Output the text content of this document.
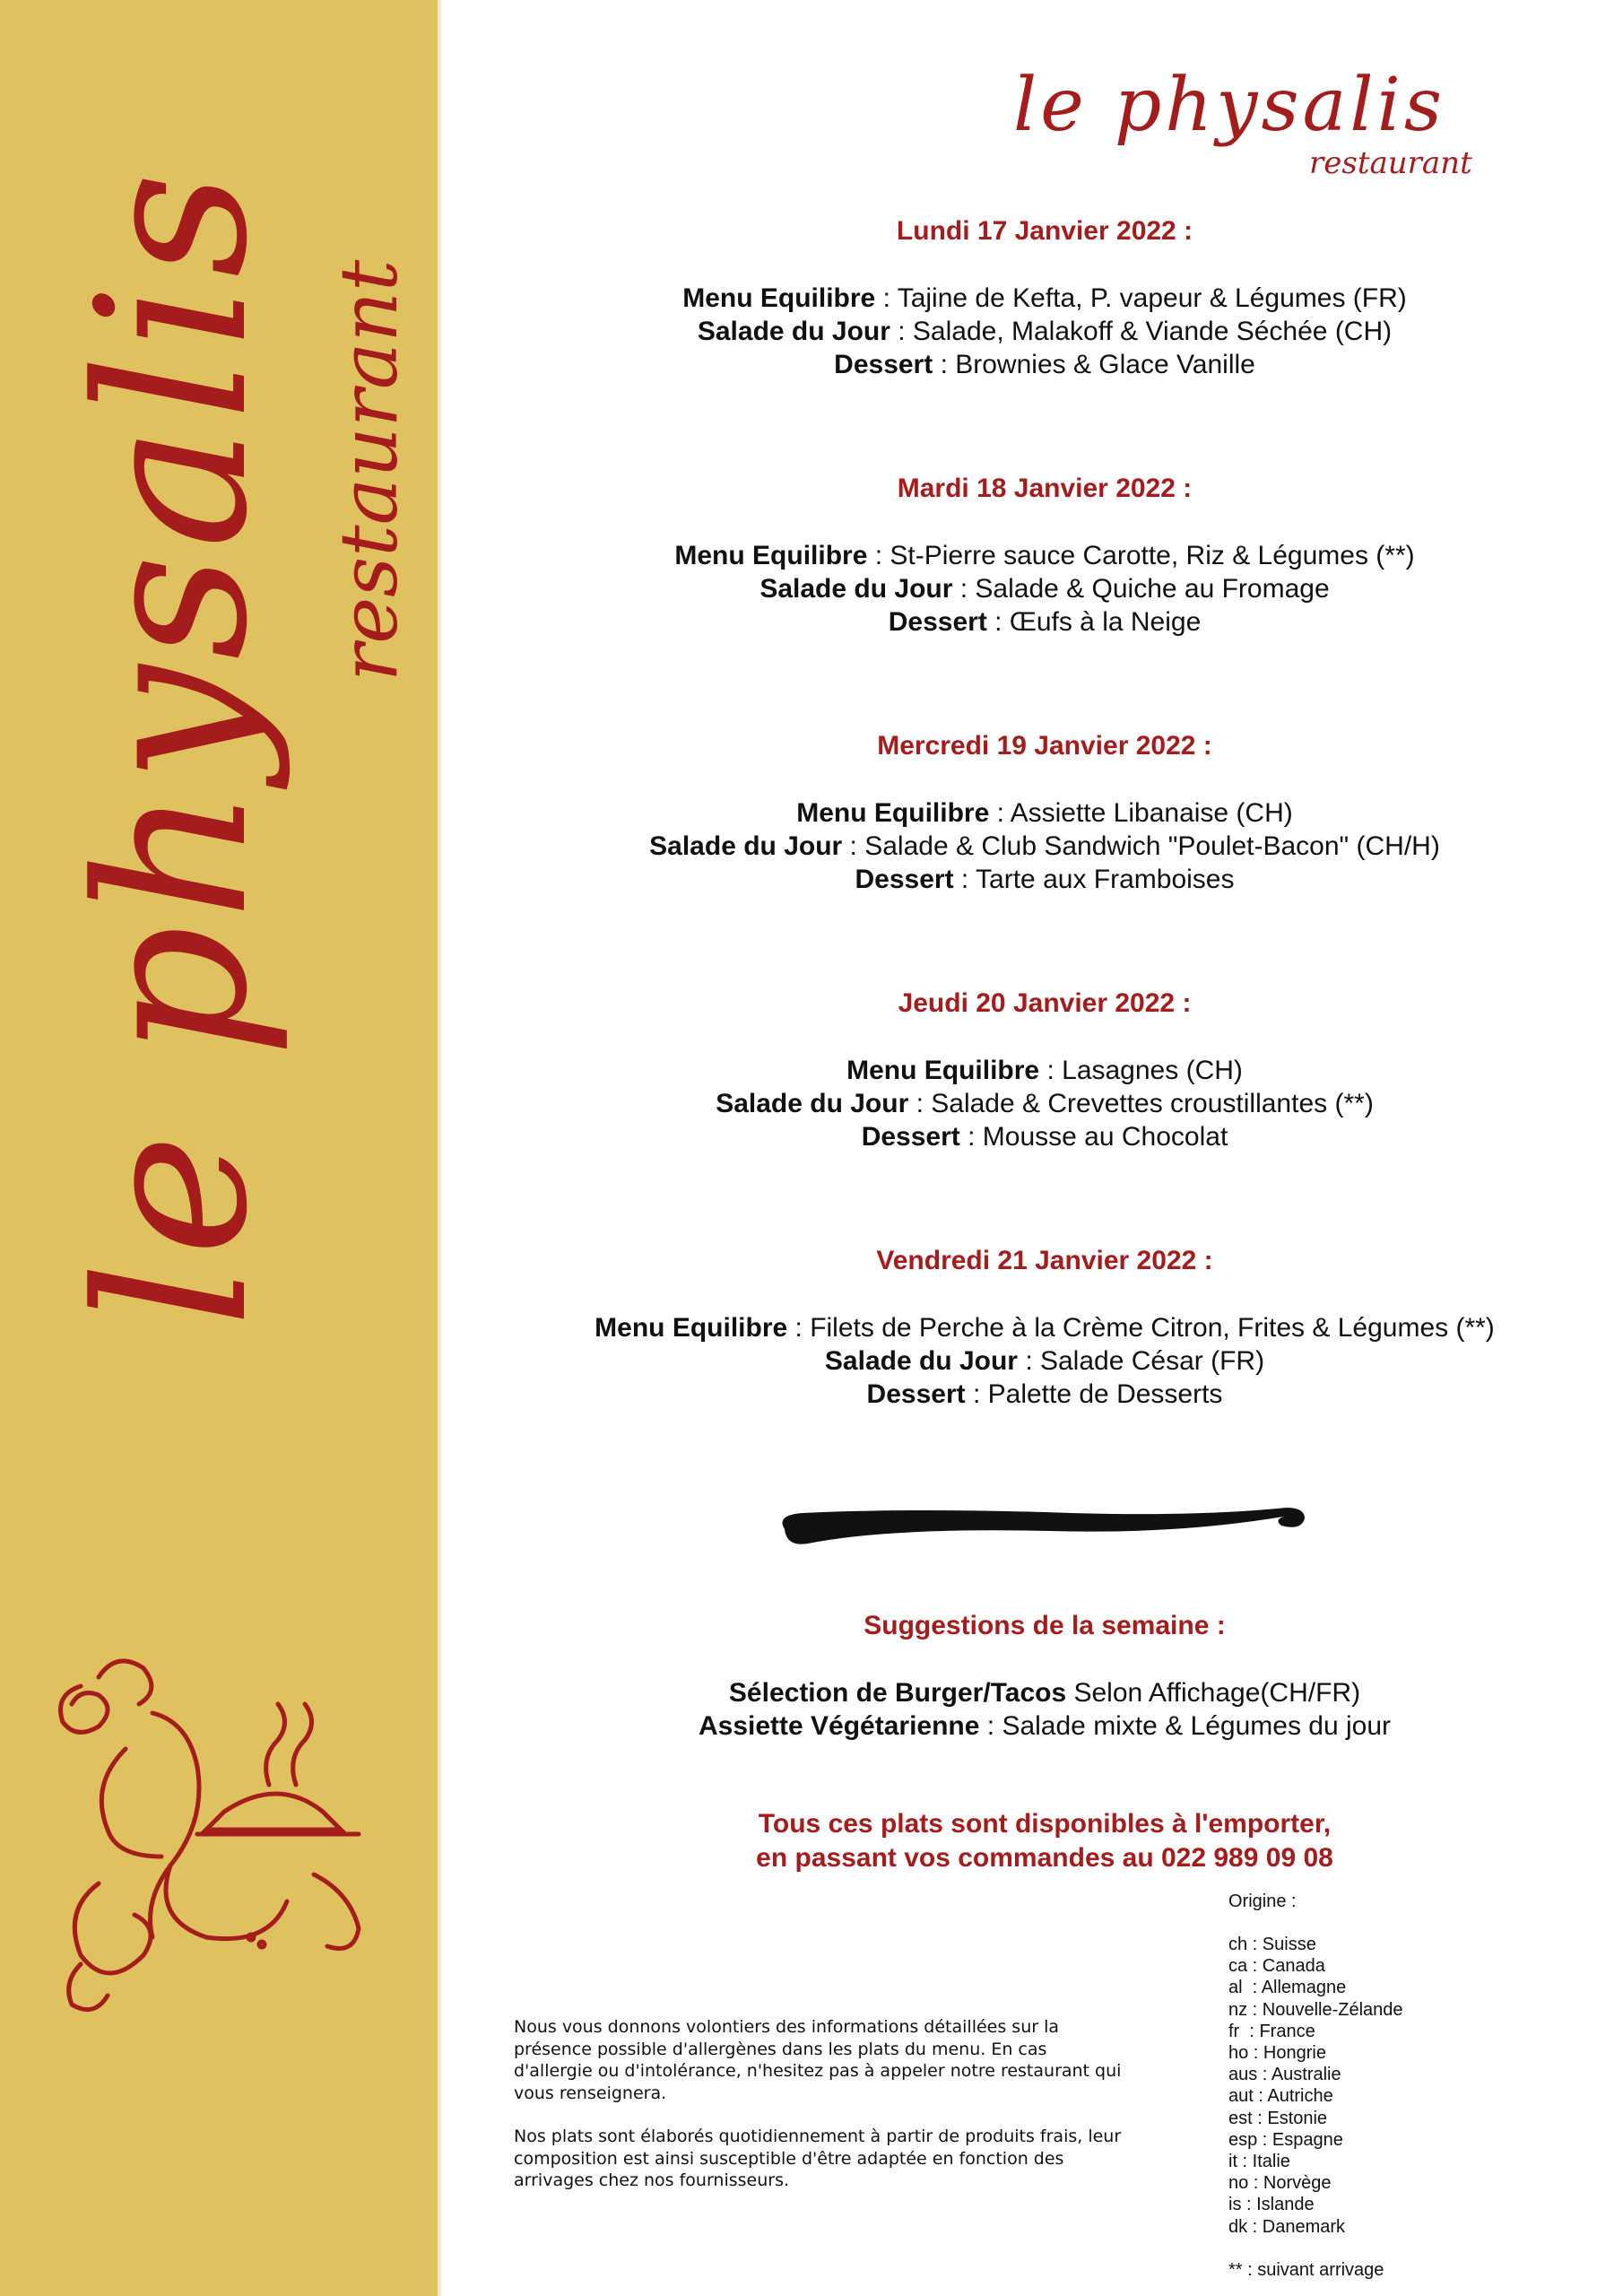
le physalis restaurant
le physalis
restaurant
Lundi 17 Janvier 2022 :
Menu Equilibre : Tajine de Kefta, P. vapeur & Légumes (FR)
Salade du Jour : Salade, Malakoff & Viande Séchée (CH)
Dessert : Brownies & Glace Vanille
Mardi 18 Janvier 2022 :
Menu Equilibre : St-Pierre sauce Carotte, Riz & Légumes (**)
Salade du Jour : Salade & Quiche au Fromage
Dessert : Œufs à la Neige
Mercredi 19 Janvier 2022 :
Menu Equilibre : Assiette Libanaise (CH)
Salade du Jour : Salade & Club Sandwich "Poulet-Bacon" (CH/H)
Dessert : Tarte aux Framboises
Jeudi 20 Janvier 2022 :
Menu Equilibre : Lasagnes (CH)
Salade du Jour : Salade & Crevettes croustillantes (**)
Dessert : Mousse au Chocolat
Vendredi 21 Janvier 2022 :
Menu Equilibre : Filets de Perche à la Crème Citron, Frites & Légumes (**)
Salade du Jour : Salade César (FR)
Dessert : Palette de Desserts
Suggestions de la semaine :
Sélection de Burger/Tacos Selon Affichage(CH/FR)
Assiette Végétarienne : Salade mixte & Légumes du jour
Tous ces plats sont disponibles à l'emporter,
en passant vos commandes au 022 989 09 08

Nous vous donnons volontiers des informations détaillées sur la présence possible d'allergènes dans les plats du menu. En cas d'allergie ou d'intolérance, n'hesitez pas à appeler notre restaurant qui vous renseignera.

Nos plats sont élaborés quotidiennement à partir de produits frais, leur composition est ainsi susceptible d'être adaptée en fonction des arrivages chez nos fournisseurs.

Origine :
ch : Suisse
ca : Canada
al  : Allemagne
nz : Nouvelle-Zélande
fr  : France
ho : Hongrie
aus : Australie
aut : Autriche
est : Estonie
esp : Espagne
it : Italie
no : Norvège
is : Islande
dk : Danemark
** : suivant arrivage
